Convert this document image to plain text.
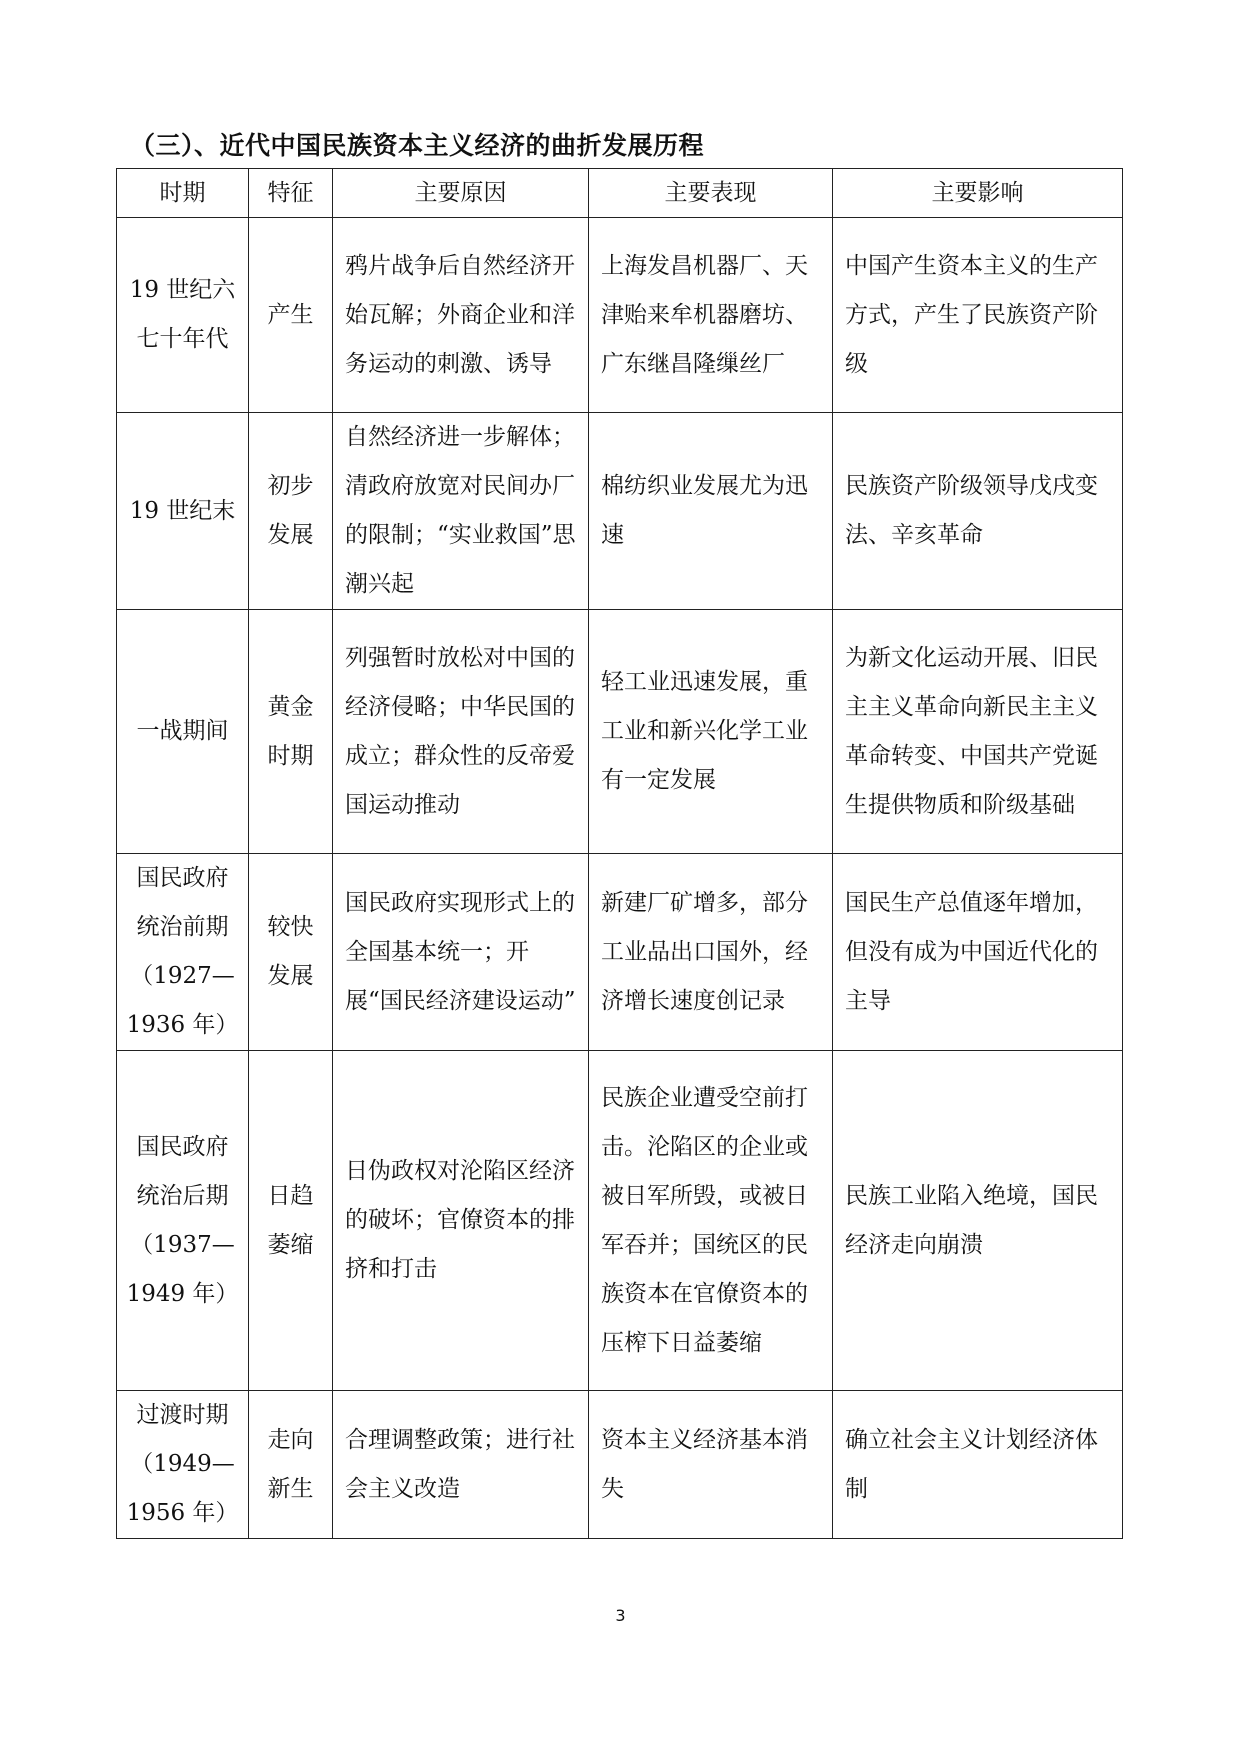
（三）、近代中国民族资本主义经济的曲折发展历程
时期	特征	主要原因	主要表现	主要影响

19 世纪六
七十年代	产生	鸦片战争后自然经济开始瓦解；外商企业和洋务运动的刺激、诱导	上海发昌机器厂、天津贻来牟机器磨坊、广东继昌隆缫丝厂	中国产生资本主义的生产方式，产生了民族资产阶级

19 世纪末	初步
发展	自然经济进一步解体；清政府放宽对民间办厂的限制；“实业救国”思潮兴起	棉纺织业发展尤为迅速	民族资产阶级领导戊戌变法、辛亥革命

一战期间	黄金
时期	列强暂时放松对中国的经济侵略；中华民国的成立；群众性的反帝爱国运动推动	轻工业迅速发展，重工业和新兴化学工业有一定发展	为新文化运动开展、旧民主主义革命向新民主主义革命转变、中国共产党诞生提供物质和阶级基础

国民政府
统治前期
（1927—
1936 年）	较快
发展	国民政府实现形式上的全国基本统一；开展“国民经济建设运动”	新建厂矿增多，部分工业品出口国外，经济增长速度创记录	国民生产总值逐年增加，但没有成为中国近代化的主导

国民政府
统治后期
（1937—
1949 年）	日趋
萎缩	日伪政权对沦陷区经济的破坏；官僚资本的排挤和打击	民族企业遭受空前打击。沦陷区的企业或被日军所毁，或被日军吞并；国统区的民族资本在官僚资本的压榨下日益萎缩	民族工业陷入绝境，国民经济走向崩溃

过渡时期
（1949—
1956 年）	走向
新生	合理调整政策；进行社会主义改造	资本主义经济基本消失	确立社会主义计划经济体制
3
